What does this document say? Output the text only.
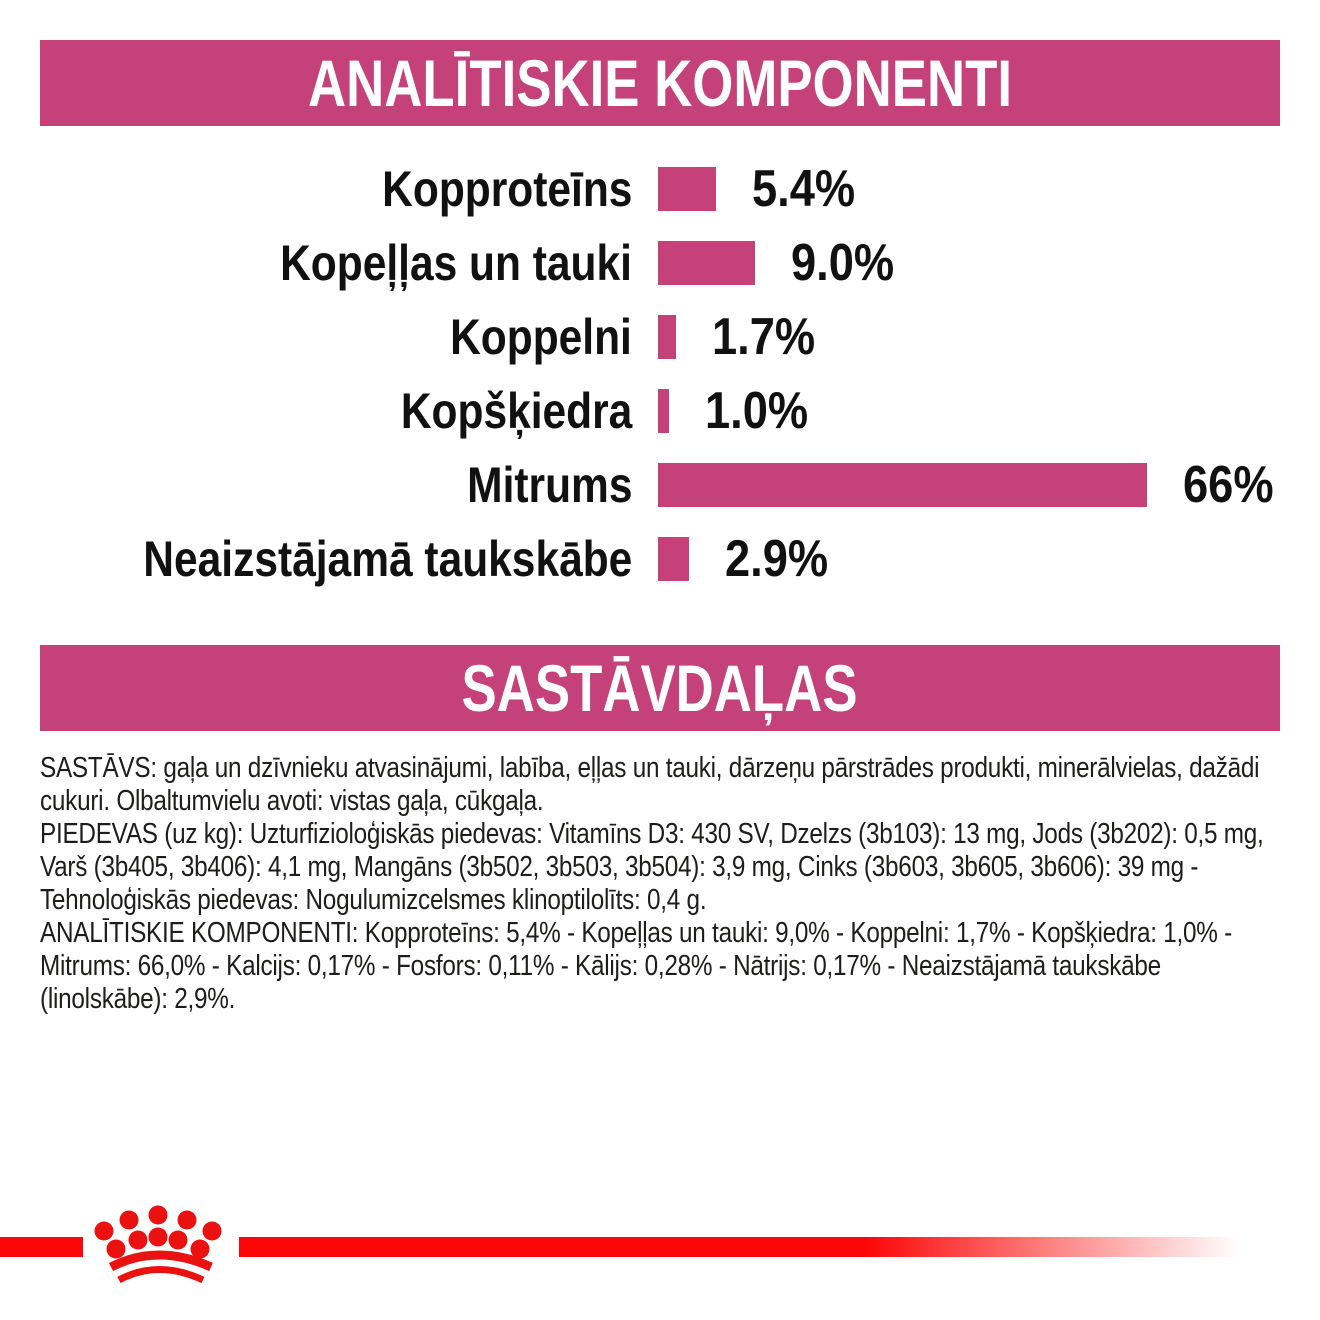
ANALĪTISKIE KOMPONENTI
Kopproteīns 5.4%
Kopeļļas un tauki	9.0%
Koppelni 1.7%
Kopšķiedra 1.0%
Mitrums	66%
Neaizstājamā taukskābe 2.9%
SASTĀVDAĻAS

SASTĀVS: gaļa un dzīvnieku atvasinājumi, labība, eļļas un tauki, dārzeņu pārstrādes produkti, minerālvielas, dažādi cukuri. Olbaltumvielu avoti: vistas gaļa, cūkgaļa.

PIEDEVAS (uz kg): Uzturfizioloģiskās piedevas: Vitamīns D3: 430 SV, Dzelzs (3b103): 13 mg, Jods (3b202): 0,5 mg, Varš (3b405, 3b406): 4,1 mg, Mangāns (3b502, 3b503, 3b504): 3,9 mg, Cinks (3b603, 3b605, 3b606): 39 mg - Tehnoloģiskās piedevas: Nogulumizcelsmes klinoptilolīts: 0,4 g.

ANALĪTISKIE KOMPONENTI: Kopproteīns: 5,4% - Kopeļļas un tauki: 9,0% - Koppelni: 1,7% - Kopšķiedra: 1,0% - Mitrums: 66,0% - Kalcijs: 0,17% - Fosfors: 0,11% - Kālijs: 0,28% - Nātrijs: 0,17% - Neaizstājamā taukskābe (linolskābe): 2,9%.
